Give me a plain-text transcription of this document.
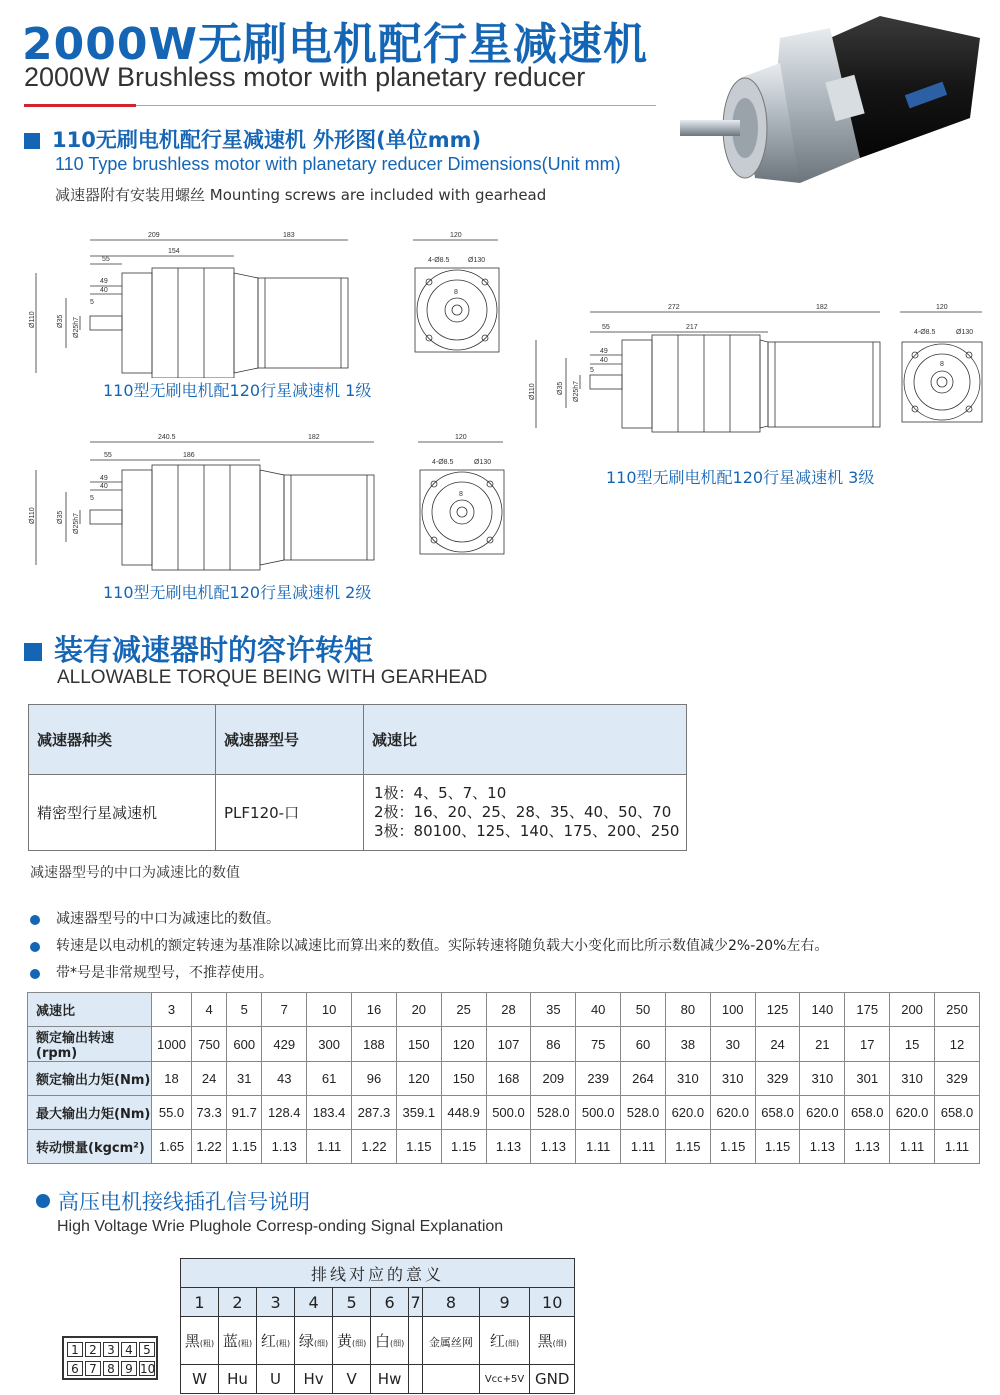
2000W无刷电机配行星减速机
2000W Brushless motor with planetary reducer
110无刷电机配行星减速机 外形图(单位mm)
110 Type brushless motor with planetary reducer Dimensions(Unit mm)
减速器附有安装用螺丝 Mounting screws are included with gearhead
209	183
154
55
49
40
5
Ø110	Ø35 Ø25h7
120
4-Ø8.5	Ø130
8
110型无刷电机配120行星减速机 1级
240.5	182
186
55
49
40
5
Ø110	Ø35 Ø25h7
120
4-Ø8.5	Ø130
8
110型无刷电机配120行星减速机 2级
272	182
217
55
49
40
5
Ø110	Ø35 Ø25h7
120
4-Ø8.5	Ø130
8
110型无刷电机配120行星减速机 3级
装有减速器时的容许转矩
ALLOWABLE TORQUE BEING WITH GEARHEAD
减速器种类	减速器型号	减速比
精密型行星减速机	PLF120-口	1极：4、5、7、10
2极：16、20、25、28、35、40、50、70
3极：80100、125、140、175、200、250
减速器型号的中口为减速比的数值
减速器型号的中口为减速比的数值。
转速是以电动机的额定转速为基准除以减速比而算出来的数值。实际转速将随负载大小变化而比所示数值减少2%-20%左右。
带*号是非常规型号，不推荐使用。
减速比	3	4	5	7	10	16	20	25	28	35	40	50	80	100	125	140	175	200	250
额定输出转速(rpm)	1000	750	600	429	300	188	150	120	107	86	75	60	38	30	24	21	17	15	12
额定输出力矩(Nm)	18	24	31	43	61	96	120	150	168	209	239	264	310	310	329	310	301	310	329
最大输出力矩(Nm)	55.0	73.3	91.7	128.4	183.4	287.3	359.1	448.9	500.0	528.0	500.0	528.0	620.0	620.0	658.0	620.0	658.0	620.0	658.0
转动惯量(kgcm²)	1.65	1.22	1.15	1.13	1.11	1.22	1.15	1.15	1.13	1.13	1.11	1.11	1.15	1.15	1.15	1.13	1.13	1.11	1.11
高压电机接线插孔信号说明
High Voltage Wrie Plughole Corresp-onding Signal Explanation
1 2 3 4 5
6 7 8 9 10
排线对应的意义									
1	2	3	4	5	6	7	8	9	10
黑(粗)	蓝(粗)	红(粗)	绿(细)	黄(细)	白(细)		金属丝网	红(细)	黑(细)
W	Hu	U	Hv	V	Hw			Vcc+5V	GND
